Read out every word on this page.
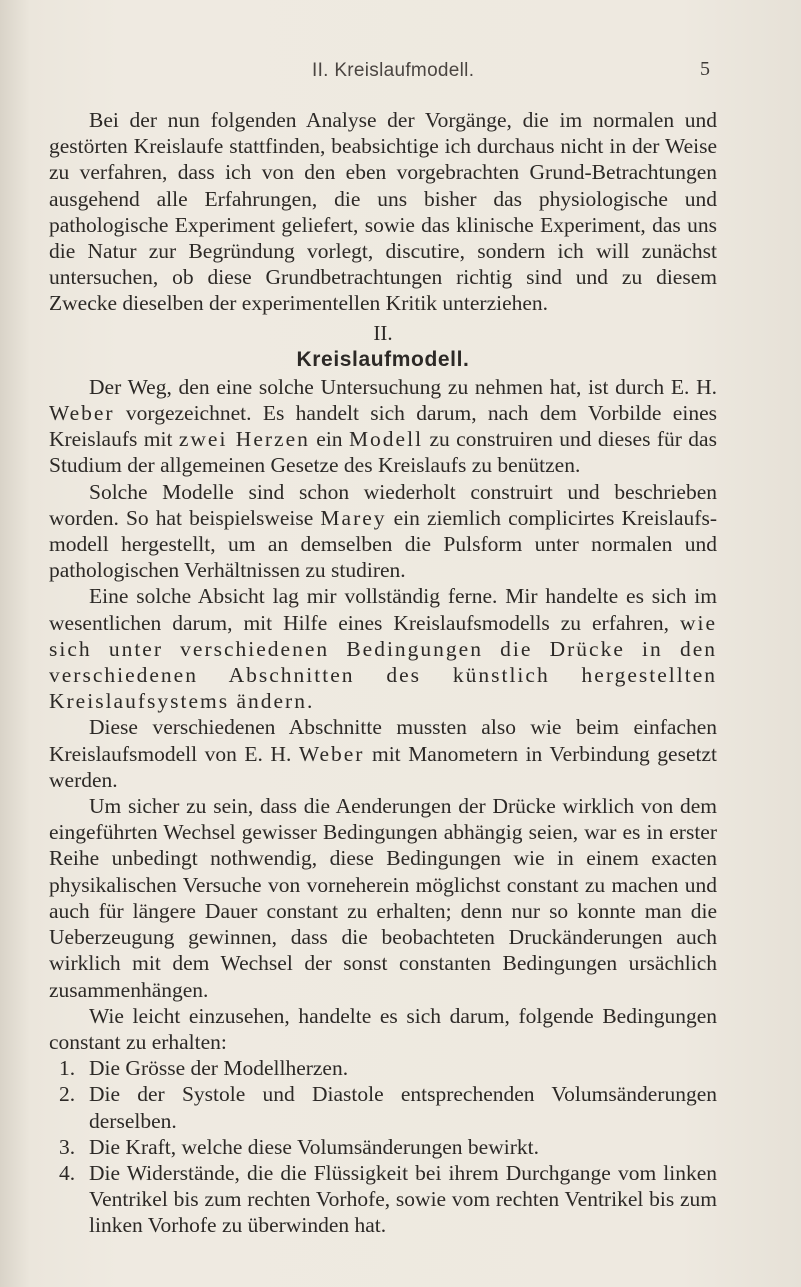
II. Kreislaufmodell.	5

Bei der nun folgenden Analyse der Vorgänge, die im normalen und gestörten Kreislaufe stattfinden, beabsichtige ich durchaus nicht in der Weise zu verfahren, dass ich von den eben vorgebrachten Grund-Betrachtungen ausgehend alle Erfahrungen, die uns bisher das physiologische und pathologische Experiment geliefert, sowie das klinische Experiment, das uns die Natur zur Begründung vorlegt, discutire, sondern ich will zunächst untersuchen, ob diese Grundbetrachtungen richtig sind und zu diesem Zwecke dieselben der experimentellen Kritik unterziehen.

II.
Kreislaufmodell.

Der Weg, den eine solche Untersuchung zu nehmen hat, ist durch E. H. Weber vorgezeichnet. Es handelt sich darum, nach dem Vorbilde eines Kreislaufs mit zwei Herzen ein Modell zu construiren und dieses für das Studium der allgemeinen Gesetze des Kreislaufs zu benützen.

Solche Modelle sind schon wiederholt construirt und beschrieben worden. So hat beispielsweise Marey ein ziemlich complicirtes Kreislaufs-modell hergestellt, um an demselben die Pulsform unter normalen und pathologischen Verhältnissen zu studiren.

Eine solche Absicht lag mir vollständig ferne. Mir handelte es sich im wesentlichen darum, mit Hilfe eines Kreislaufsmodells zu erfahren, wie sich unter verschiedenen Bedingungen die Drücke in den verschiedenen Abschnitten des künstlich hergestellten Kreislaufsystems ändern.

Diese verschiedenen Abschnitte mussten also wie beim einfachen Kreislaufsmodell von E. H. Weber mit Manometern in Verbindung gesetzt werden.

Um sicher zu sein, dass die Aenderungen der Drücke wirklich von dem eingeführten Wechsel gewisser Bedingungen abhängig seien, war es in erster Reihe unbedingt nothwendig, diese Bedingungen wie in einem exacten physikalischen Versuche von vorneherein möglichst constant zu machen und auch für längere Dauer constant zu erhalten; denn nur so konnte man die Ueberzeugung gewinnen, dass die beobachteten Druckänderungen auch wirklich mit dem Wechsel der sonst constanten Bedingungen ursächlich zusammenhängen.

Wie leicht einzusehen, handelte es sich darum, folgende Bedingungen constant zu erhalten:

1. Die Grösse der Modellherzen.
2. Die der Systole und Diastole entsprechenden Volumsänderungen derselben.
3. Die Kraft, welche diese Volumsänderungen bewirkt.
4. Die Widerstände, die die Flüssigkeit bei ihrem Durchgange vom linken Ventrikel bis zum rechten Vorhofe, sowie vom rechten Ventrikel bis zum linken Vorhofe zu überwinden hat.
